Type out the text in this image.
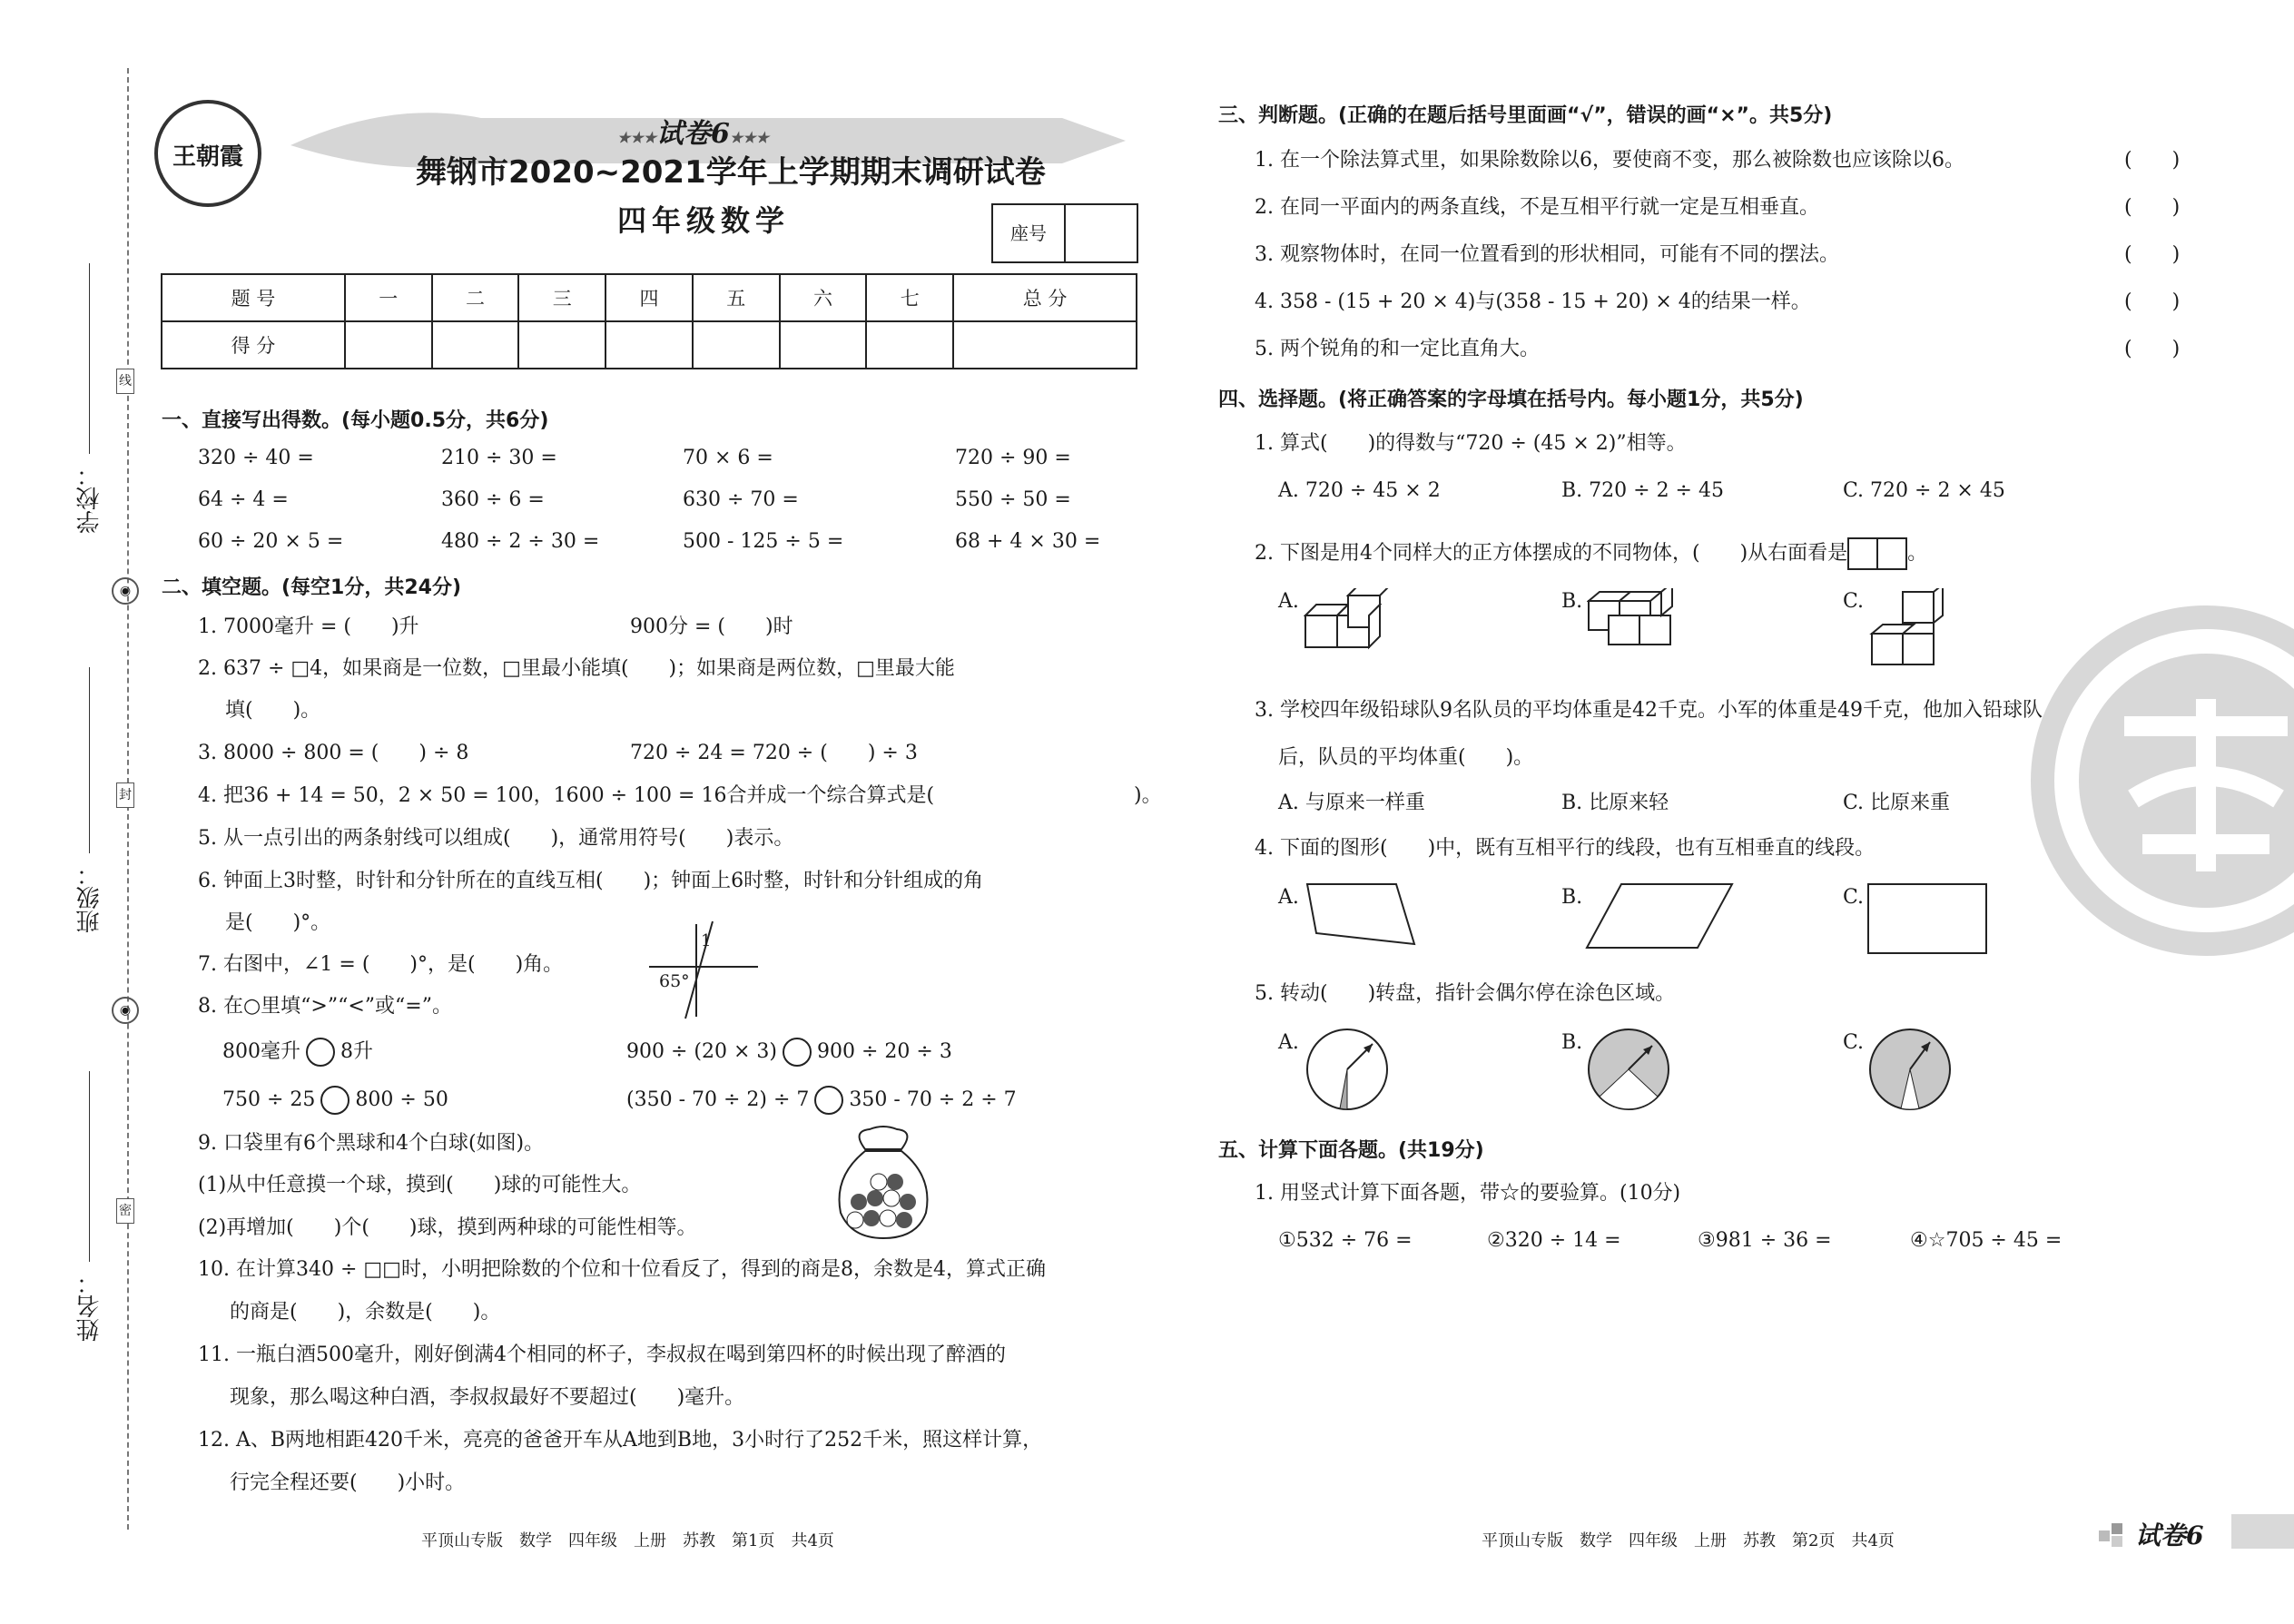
线
◉
封
◉
密
学校：
班级：
姓名：
王朝霞
★★★试卷6★★★
舞钢市2020~2021学年上学期期末调研试卷
四年级数学	座号
题 号	一	二	三	四	五	六	七	总 分
得 分								
一、直接写出得数。(每小题0.5分，共6分)
320 ÷ 40 =	210 ÷ 30 =	70 × 6 =	720 ÷ 90 =
64 ÷ 4 =	360 ÷ 6 =	630 ÷ 70 =	550 ÷ 50 =
60 ÷ 20 × 5 =	480 ÷ 2 ÷ 30 =	500 - 125 ÷ 5 =	68 + 4 × 30 =
二、填空题。(每空1分，共24分)
1. 7000毫升 = (　　)升	900分 = (　　)时
2. 637 ÷ □4，如果商是一位数，□里最小能填(　　)；如果商是两位数，□里最大能
填(　　)。
3. 8000 ÷ 800 = (　　) ÷ 8	720 ÷ 24 = 720 ÷ (　　) ÷ 3
4. 把36 + 14 = 50，2 × 50 = 100，1600 ÷ 100 = 16合并成一个综合算式是(　　　　　　　　　　)。
5. 从一点引出的两条射线可以组成(　　)，通常用符号(　　)表示。
6. 钟面上3时整，时针和分针所在的直线互相(　　)；钟面上6时整，时针和分针组成的角
是(　　)°。
7. 右图中，∠1 = (　　)°，是(　　)角。
65°
1
8. 在○里填“>”“<”或“=”。
800毫升 8升	900 ÷ (20 × 3) 900 ÷ 20 ÷ 3
750 ÷ 25 800 ÷ 50	(350 - 70 ÷ 2) ÷ 7 350 - 70 ÷ 2 ÷ 7
9. 口袋里有6个黑球和4个白球(如图)。
(1)从中任意摸一个球，摸到(　　)球的可能性大。
(2)再增加(　　)个(　　)球，摸到两种球的可能性相等。
10. 在计算340 ÷ □□时，小明把除数的个位和十位看反了，得到的商是8，余数是4，算式正确
的商是(　　)，余数是(　　)。
11. 一瓶白酒500毫升，刚好倒满4个相同的杯子，李叔叔在喝到第四杯的时候出现了醉酒的
现象，那么喝这种白酒，李叔叔最好不要超过(　　)毫升。
12. A、B两地相距420千米，亮亮的爸爸开车从A地到B地，3小时行了252千米，照这样计算，
行完全程还要(　　)小时。
平顶山专版　数学　四年级　上册　苏教　第1页　共4页
三、判断题。(正确的在题后括号里面画“√”，错误的画“×”。共5分)
1. 在一个除法算式里，如果除数除以6，要使商不变，那么被除数也应该除以6。	(　　)
2. 在同一平面内的两条直线，不是互相平行就一定是互相垂直。	(　　)
3. 观察物体时，在同一位置看到的形状相同，可能有不同的摆法。	(　　)
4. 358 - (15 + 20 × 4)与(358 - 15 + 20) × 4的结果一样。	(　　)
5. 两个锐角的和一定比直角大。	(　　)
四、选择题。(将正确答案的字母填在括号内。每小题1分，共5分)
1. 算式(　　)的得数与“720 ÷ (45 × 2)”相等。
A. 720 ÷ 45 × 2	B. 720 ÷ 2 ÷ 45	C. 720 ÷ 2 × 45
2. 下图是用4个同样大的正方体摆成的不同物体，(　　)从右面看是	。
A.	B.	C.
3. 学校四年级铅球队9名队员的平均体重是42千克。小军的体重是49千克，他加入铅球队
后，队员的平均体重(　　)。
A. 与原来一样重	B. 比原来轻	C. 比原来重
4. 下面的图形(　　)中，既有互相平行的线段，也有互相垂直的线段。
A.	B.	C.
5. 转动(　　)转盘，指针会偶尔停在涂色区域。
A.	B.	C.
五、计算下面各题。(共19分)
1. 用竖式计算下面各题，带☆的要验算。(10分)
①532 ÷ 76 =	②320 ÷ 14 =	③981 ÷ 36 =	④☆705 ÷ 45 =
平顶山专版　数学　四年级　上册　苏教　第2页　共4页	试卷6
